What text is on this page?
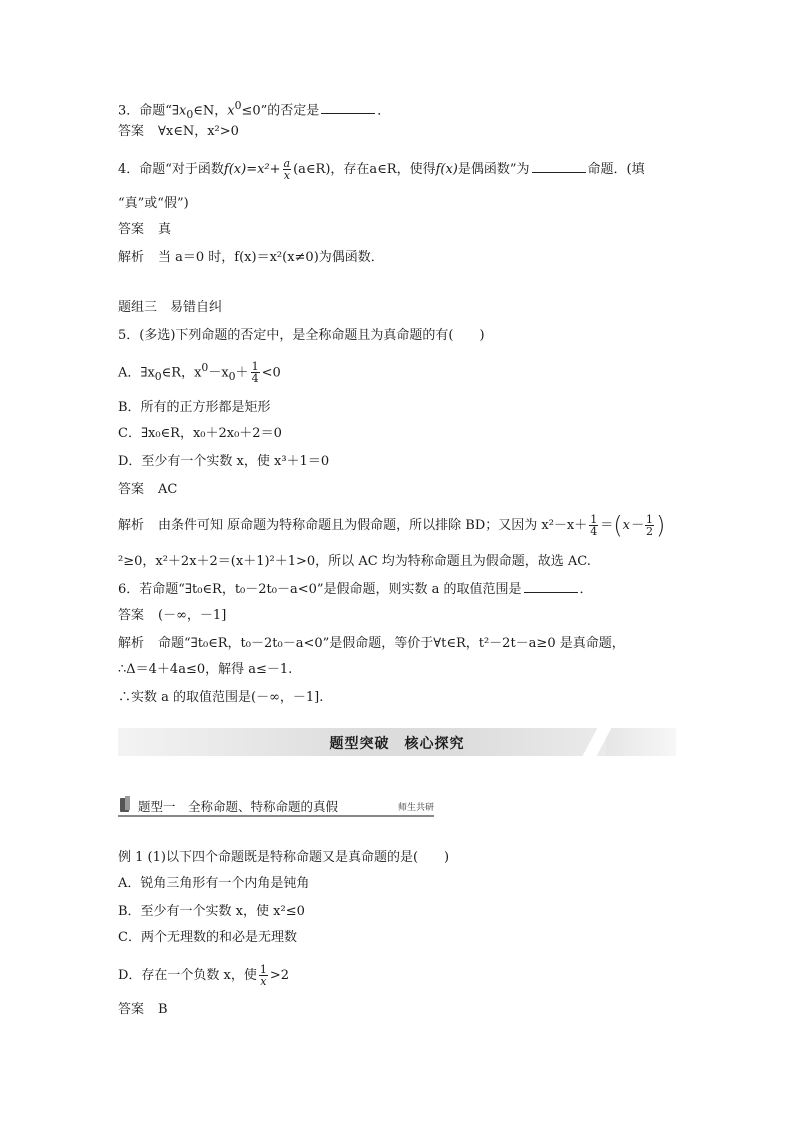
3．命题“$\exists x_0\in N$，$x^0\le 0$”的否定是	．
答案 ∀x∈N，x²>0
4．命题“对于函数$f(x)=x^2+ \frac{a}{x}$ (a∈R)，存在a∈R，使得f(x)是偶函数”为	命题．(填
“真”或“假”)
答案 真
解析 当 a＝0 时，f(x)＝x²(x≠0)为偶函数．
题组三　易错自纠
5．(多选)下列命题的否定中，是全称命题且为真命题的有(　　)
A．$\exists x_0\in R$，$x^0-x_0+ \frac{1}{4} <0$
B．所有的正方形都是矩形
C．∃x₀∈R，x₀＋2x₀＋2＝0
D．至少有一个实数 x，使 x³＋1＝0
答案 AC
解析 由条件可知 原命题为特称命题且为假命题，所以排除 BD；又因为 $x^2-x+ \frac{1}{4} =(x- \frac{1}{2}$ )
²≥0，x²＋2x＋2＝(x＋1)²＋1>0，所以 AC 均为特称命题且为假命题，故选 AC.
6．若命题“∃t₀∈R，t₀－2t₀－a<0”是假命题，则实数 a 的取值范围是	．
答案 (－∞，－1]
解析 命题“∃t₀∈R，t₀－2t₀－a<0”是假命题，等价于∀t∈R，t²－2t－a≥0 是真命题，
∴Δ＝4＋4a≤0，解得 a≤－1.
∴实数 a 的取值范围是(－∞，－1].
题型突破　核心探究
题型一　全称命题、特称命题的真假	师生共研
例 1 (1)以下四个命题既是特称命题又是真命题的是(　　)
A．锐角三角形有一个内角是钝角
B．至少有一个实数 x，使 x²≤0
C．两个无理数的和必是无理数
D．存在一个负数 x，使 $\frac{1}{x} >2$
答案 B
